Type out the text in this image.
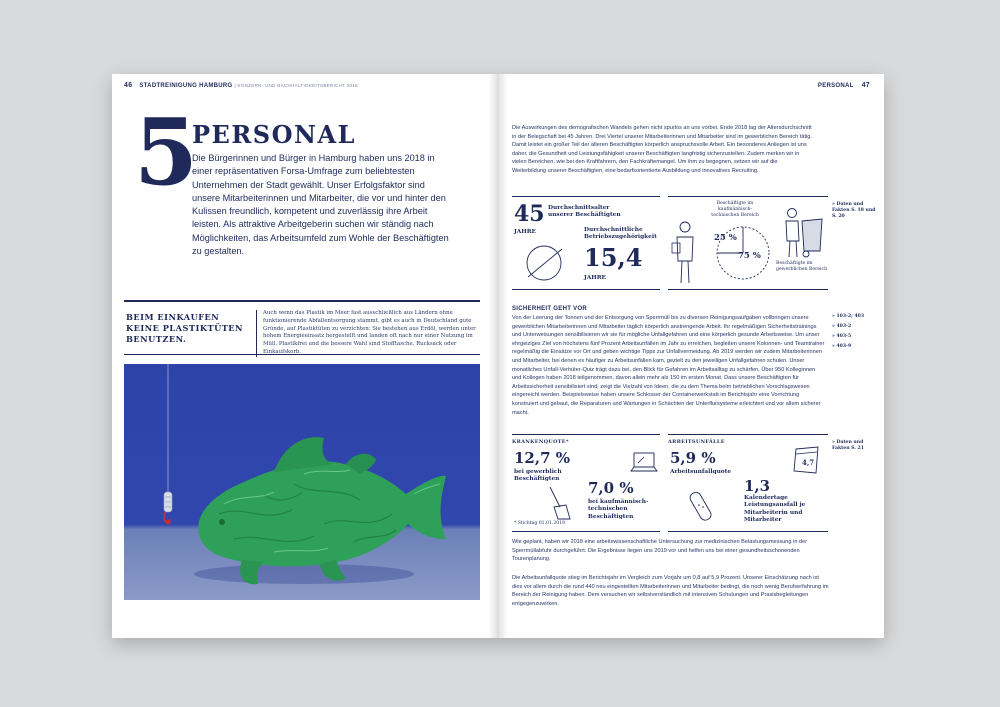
46 STADTREINIGUNG HAMBURG | KONZERN- UND NACHHALTIGKEITSBERICHT 2018
5
PERSONAL
Die Bürgerinnen und Bürger in Hamburg haben uns 2018 in einer repräsentativen Forsa-Umfrage zum beliebtesten Unternehmen der Stadt gewählt. Unser Erfolgsfaktor sind unsere Mitarbeiterinnen und Mitarbeiter, die vor und hinter den Kulissen freundlich, kompetent und zuverlässig ihre Arbeit leisten. Als attraktive Arbeitgeberin suchen wir ständig nach Möglichkeiten, das Arbeitsumfeld zum Wohle der Beschäftigten zu gestalten.
BEIM EINKAUFEN KEINE PLASTIKTÜTEN BENUTZEN.
Auch wenn das Plastik im Meer fast ausschließlich aus Ländern ohne funktionierende Abfallentsorgung stammt, gibt es auch in Deutschland gute Gründe, auf Plastiktüten zu verzichten: Sie bestehen aus Erdöl, werden unter hohem Energieeinsatz hergestellt und landen oft nach nur einer Nutzung im Müll. Plastikfrei und die bessere Wahl sind Stofftasche, Rucksack oder Einkaufskorb.
PERSONAL 47
Die Auswirkungen des demografischen Wandels gehen nicht spurlos an uns vorbei. Ende 2018 lag der Altersdurchschnitt in der Belegschaft bei 45 Jahren. Drei Viertel unserer Mitarbeiterinnen und Mitarbeiter sind im gewerblichen Bereich tätig. Damit leistet ein großer Teil der älteren Beschäftigten körperlich anspruchsvolle Arbeit. Ein besonderes Anliegen ist uns daher, die Gesundheit und Leistungsfähigkeit unserer Beschäftigten langfristig sicherzustellen. Zudem merken wir in vielen Bereichen, wie bei den Kraftfahrern, den Fachkräftemangel. Um ihm zu begegnen, setzen wir auf die Weiterbildung unserer Beschäftigten, eine bedarfsorientierte Ausbildung und innovatives Recruiting.
45 Durchschnittsalter unserer Beschäftigten
JAHRE	Durchschnittliche Betriebszugehörigkeit
15,4
JAHRE
Beschäftigte im kaufmännisch-technischen Bereich
25 %
75 %
Beschäftigte im gewerblichen Bereich
» Daten und Fakten S. 18 und S. 20
SICHERHEIT GEHT VOR
Von der Leerung der Tonnen und der Entsorgung von Sperrmüll bis zu diversen Reinigungsaufgaben vollbringen unsere gewerblichen Mitarbeiterinnen und Mitarbeiter täglich körperlich anstrengende Arbeit. Ihr regelmäßigen Sicherheitstrainings und Unterweisungen sensibilisieren wir sie für mögliche Unfallgefahren und eine körperlich gesunde Arbeitsweise. Um unser ehrgeiziges Ziel von höchstens fünf Prozent Arbeitsunfällen im Jahr zu erreichen, begleiten unsere Kolonnen- und Teamtrainer regelmäßig die Einsätze vor Ort und geben wichtige Tipps zur Unfallvermeidung. Ab 2019 werden wir zudem Mitarbeiterinnen und Mitarbeiter, bei denen es häufiger zu Arbeitsunfällen kam, gezielt zu den jeweiligen Unfallgefahren schulen. Unser monatliches Unfall-Verhüter-Quiz trägt dazu bei, den Blick für Gefahren im Arbeitsalltag zu schärfen. Über 950 Kolleginnen und Kollegen haben 2018 teilgenommen, davon allein mehr als 150 im ersten Monat. Dass unsere Beschäftigten für Arbeitssicherheit sensibilisiert sind, zeigt die Vielzahl von Ideen, die zu dem Thema beim betrieblichen Vorschlagswesen eingereicht werden. Beispielsweise haben unsere Schlosser der Containerwerkstatt im Berichtsjahr eine Vorrichtung konstruiert und gebaut, die Reparaturen und Wartungen in Schächten der Unterflursysteme erleichtert und vor allem sicherer macht.
» 103-2; 403
» 403-2
» 403-5
» 403-9
KRANKENQUOTE*
12,7 %
bei gewerblich Beschäftigten	7,0 %
bei kaufmännisch-technischen Beschäftigten
* Stichtag 01.01.2019
ARBEITSUNFÄLLE
5,9 %
Arbeitsunfallquote
1,3
Kalendertage Leistungsausfall je Mitarbeiterin und Mitarbeiter
4,7
» Daten und Fakten S. 21
Wie geplant, haben wir 2018 eine arbeitswissenschaftliche Untersuchung zur medizinischen Belastungsmessung in der Sperrmüllabfuhr durchgeführt. Die Ergebnisse liegen uns 2019 vor und helfen uns bei einer gesundheitsschonenden Tourenplanung.
Die Arbeitsunfallquote stieg im Berichtsjahr im Vergleich zum Vorjahr um 0,8 auf 5,9 Prozent. Unserer Einschätzung nach ist dies vor allem durch die rund 440 neu eingestellten Mitarbeiterinnen und Mitarbeiter bedingt, die noch wenig Berufserfahrung im Bereich der Reinigung haben. Dem versuchen wir selbstverständlich mit intensiven Schulungen und Praxisbegleitungen entgegenzuwirken.
